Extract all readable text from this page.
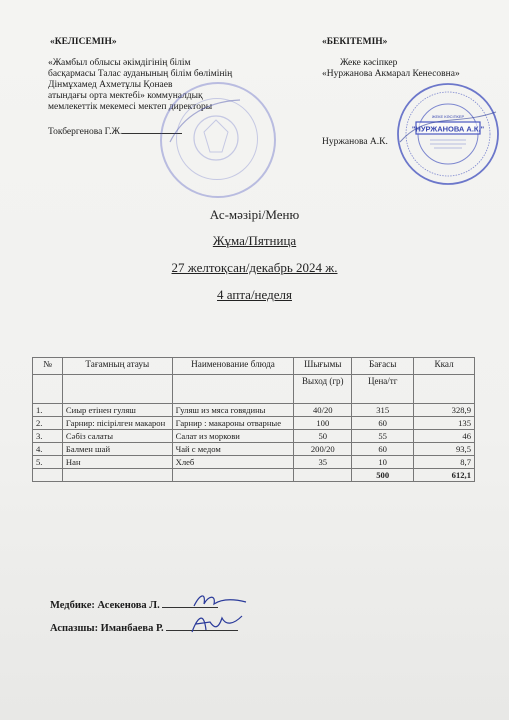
«КЕЛІСЕМІН»
«Жамбыл облысы әкімдігінің білім
басқармасы Талас ауданының білім бөлімінің
Дінмұхамед Ахметұлы Қонаев
атындағы орта мектебі» коммуналдық
мемлекеттік мекемесі мектеп директоры
Токбергенова Г.Ж.
«БЕКІТЕМІН»
Жеке кәсіпкер
«Нуржанова Акмарал Кенесовна»
Нуржанова А.К.
"НУРЖАНОВА А.К."
ЖЕКЕ КӘСІПКЕР
Ас-мәзірі/Меню
Жұма/Пятница
27 желтоқсан/декабрь 2024 ж.
4 апта/неделя
№	Тағамның атауы	Наименование блюда	Шығымы	Бағасы	Ккал
			Выход (гр)	Цена/тг	
1.	Сиыр етінен гуляш	Гуляш из мяса говядины	40/20	315	328,9
2.	Гарнир: пісірілген макарон	Гарнир : макароны отварные	100	60	135
3.	Сәбіз салаты	Салат из моркови	50	55	46
4.	Балмен шай	Чай с медом	200/20	60	93,5
5.	Нан	Хлеб	35	10	8,7
				500	612,1
Медбике: Асекенова Л.
Аспазшы: Иманбаева Р.
